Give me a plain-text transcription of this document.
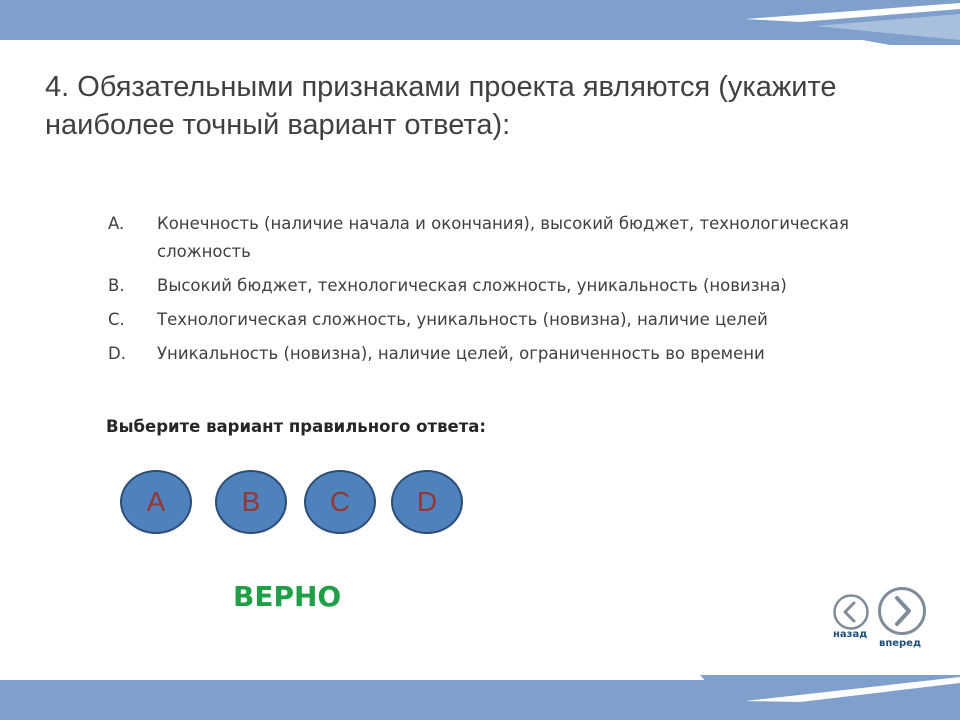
4. Обязательными признаками проекта являются (укажите наиболее точный вариант ответа):
A.	Конечность (наличие начала и окончания), высокий бюджет, технологическая сложность
B.	Высокий бюджет, технологическая сложность, уникальность (новизна)
C.	Технологическая сложность, уникальность (новизна), наличие целей
D.	Уникальность (новизна), наличие целей, ограниченность во времени
Выберите вариант правильного ответа:
A	B	C	D
ВЕРНО
назад
вперед
